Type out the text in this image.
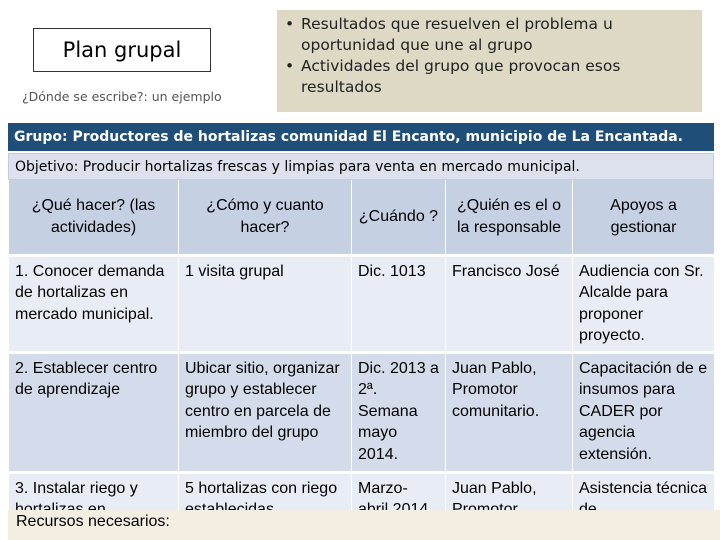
Plan grupal
¿Dónde se escribe?: un ejemplo
• Resultados que resuelven el problema u oportunidad que une al grupo
• Actividades del grupo que provocan esos resultados
Grupo: Productores de hortalizas comunidad El Encanto, municipio de La Encantada.
Objetivo: Producir hortalizas frescas y limpias para venta en mercado municipal.
¿Qué hacer? (las actividades)	¿Cómo y cuanto hacer?	¿Cuándo ?	¿Quién es el o la responsable	Apoyos a gestionar
1. Conocer demanda de hortalizas en mercado municipal.	1 visita grupal	Dic. 1013	Francisco José	Audiencia con Sr. Alcalde para proponer proyecto.
2. Establecer centro de aprendizaje	Ubicar sitio, organizar grupo y establecer centro en parcela de miembro del grupo	Dic. 2013 a 2ª. Semana mayo 2014.	Juan Pablo, Promotor comunitario.	Capacitación de e insumos para CADER por agencia extensión.
3. Instalar riego y	5 hortalizas con riego	Marzo-	Juan Pablo,	Asistencia técnica
Recursos necesarios:
